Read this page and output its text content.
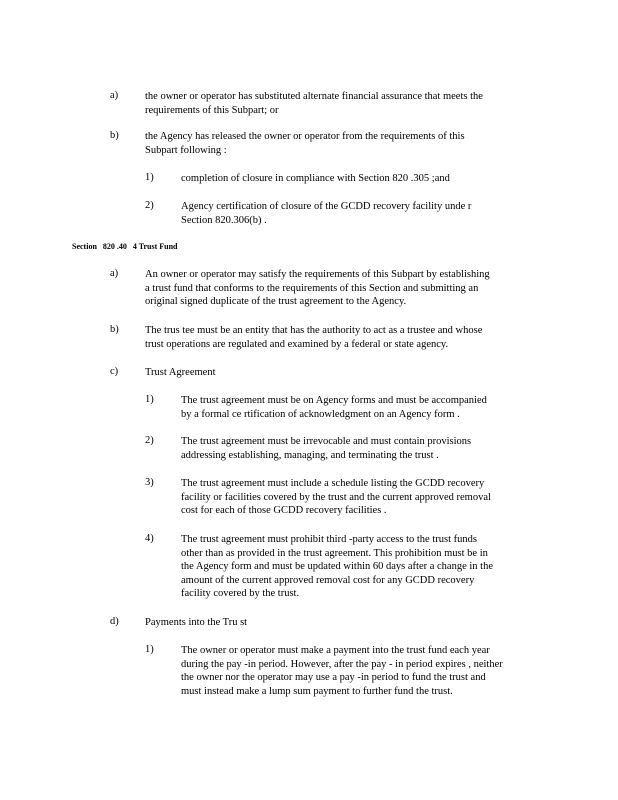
a)	the owner or operator has substituted alternate financial assurance that meets the
requirements of this Subpart; or
b)	the Agency has released the owner or operator from the requirements of this
Subpart following :
1)	completion of closure in compliance with Section 820 .305 ;and
2)	Agency certification of closure of the GCDD recovery facility unde r
Section 820.306(b) .
Section 820 .40 4 Trust Fund
a)	An owner or operator may satisfy the requirements of this Subpart by establishing
a trust fund that conforms to the requirements of this Section and submitting an
original signed duplicate of the trust agreement to the Agency.
b)	The trus tee must be an entity that has the authority to act as a trustee and whose
trust operations are regulated and examined by a federal or state agency.
c)	Trust Agreement
1)	The trust agreement must be on Agency forms and must be accompanied
by a formal ce rtification of acknowledgment on an Agency form .
2)	The trust agreement must be irrevocable and must contain provisions
addressing establishing, managing, and terminating the trust .
3)	The trust agreement must include a schedule listing the GCDD recovery
facility or facilities covered by the trust and the current approved removal
cost for each of those GCDD recovery facilities .
4)	The trust agreement must prohibit third -party access to the trust funds
other than as provided in the trust agreement. This prohibition must be in
the Agency form and must be updated within 60 days after a change in the
amount of the current approved removal cost for any GCDD recovery
facility covered by the trust.
d)	Payments into the Tru st
1)	The owner or operator must make a payment into the trust fund each year
during the pay -in period. However, after the pay - in period expires , neither
the owner nor the operator may use a pay -in period to fund the trust and
must instead make a lump sum payment to further fund the trust.
